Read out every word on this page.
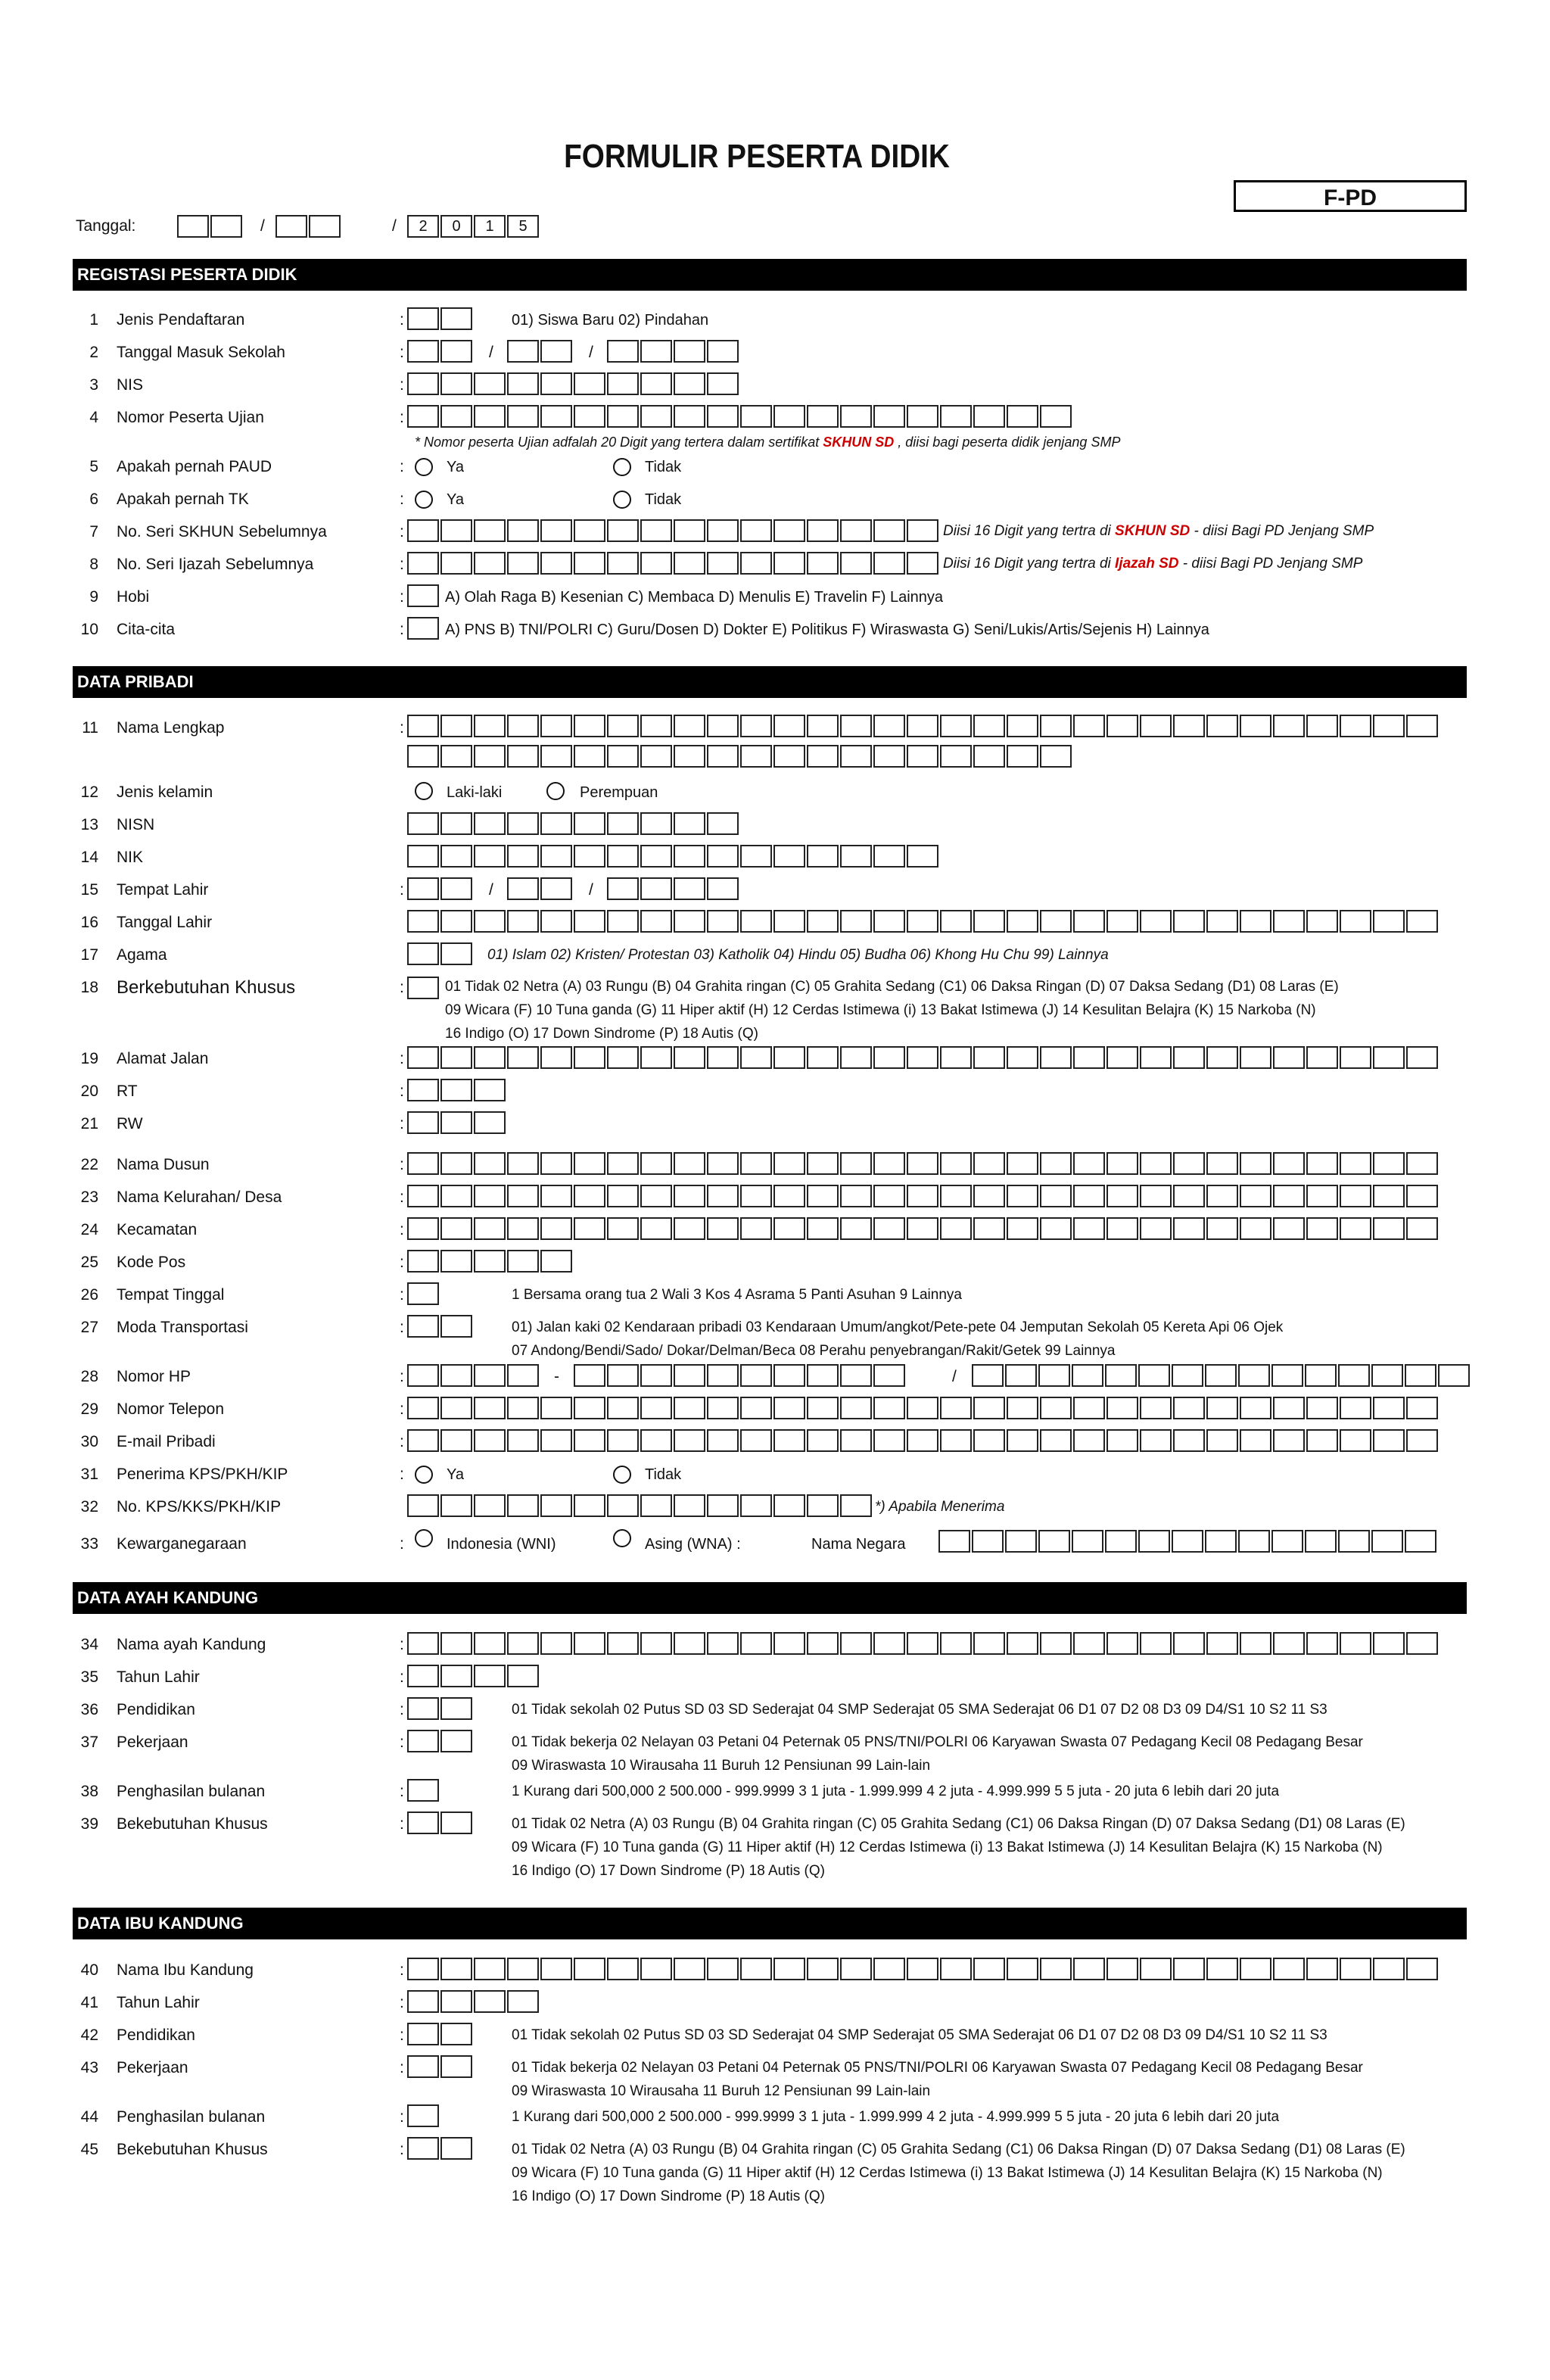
FORMULIR PESERTA DIDIK
F-PD
Tanggal:	/	/	2	0	1	5
REGISTASI PESERTA DIDIK
1 Jenis Pendaftaran	:	01) Siswa Baru 02) Pindahan
2 Tanggal Masuk Sekolah	:	/	/
3 NIS	:
4 Nomor Peserta Ujian	:
* Nomor peserta Ujian adfalah 20 Digit yang tertera dalam sertifikat SKHUN SD , diisi bagi peserta didik jenjang SMP
5 Apakah pernah PAUD	:	Ya	Tidak
6 Apakah pernah TK	:	Ya	Tidak
7 No. Seri SKHUN Sebelumnya	:	Diisi 16 Digit yang tertra di SKHUN SD - diisi Bagi PD Jenjang SMP
8 No. Seri Ijazah Sebelumnya	:	Diisi 16 Digit yang tertra di Ijazah SD - diisi Bagi PD Jenjang SMP
9 Hobi	:	A) Olah Raga B) Kesenian C) Membaca D) Menulis E) Travelin F) Lainnya
10 Cita-cita	:	A) PNS B) TNI/POLRI C) Guru/Dosen D) Dokter E) Politikus F) Wiraswasta G) Seni/Lukis/Artis/Sejenis H) Lainnya
DATA PRIBADI
11 Nama Lengkap	:
12 Jenis kelamin	Laki-laki	Perempuan
13 NISN
14 NIK
15 Tempat Lahir	:	/	/
16 Tanggal Lahir
17 Agama	01) Islam 02) Kristen/ Protestan 03) Katholik 04) Hindu 05) Budha 06) Khong Hu Chu 99) Lainnya
18 Berkebutuhan Khusus	:	01 Tidak 02 Netra (A) 03 Rungu (B) 04 Grahita ringan (C) 05 Grahita Sedang (C1) 06 Daksa Ringan (D) 07 Daksa Sedang (D1) 08 Laras (E)
09 Wicara (F) 10 Tuna ganda (G) 11 Hiper aktif (H) 12 Cerdas Istimewa (i) 13 Bakat Istimewa (J) 14 Kesulitan Belajra (K) 15 Narkoba (N)
16 Indigo (O) 17 Down Sindrome (P) 18 Autis (Q)
19 Alamat Jalan	:
20 RT	:
21 RW	:
22 Nama Dusun	:
23 Nama Kelurahan/ Desa	:
24 Kecamatan	:
25 Kode Pos	:
26 Tempat Tinggal	:	1 Bersama orang tua 2 Wali 3 Kos 4 Asrama 5 Panti Asuhan 9 Lainnya
27 Moda Transportasi	:	01) Jalan kaki 02 Kendaraan pribadi 03 Kendaraan Umum/angkot/Pete-pete 04 Jemputan Sekolah 05 Kereta Api 06 Ojek
07 Andong/Bendi/Sado/ Dokar/Delman/Beca 08 Perahu penyebrangan/Rakit/Getek 99 Lainnya
28 Nomor HP	:	-	/
29 Nomor Telepon	:
30 E-mail Pribadi	:
31 Penerima KPS/PKH/KIP	:	Ya	Tidak
32 No. KPS/KKS/PKH/KIP	*) Apabila Menerima
33 Kewarganegaraan	:	Indonesia (WNI)	Asing (WNA) :	Nama Negara
DATA AYAH KANDUNG
34 Nama ayah Kandung	:
35 Tahun Lahir	:
36 Pendidikan	:	01 Tidak sekolah 02 Putus SD 03 SD Sederajat 04 SMP Sederajat 05 SMA Sederajat 06 D1 07 D2 08 D3 09 D4/S1 10 S2 11 S3
37 Pekerjaan	:	01 Tidak bekerja 02 Nelayan 03 Petani 04 Peternak 05 PNS/TNI/POLRI 06 Karyawan Swasta 07 Pedagang Kecil 08 Pedagang Besar
09 Wiraswasta 10 Wirausaha 11 Buruh 12 Pensiunan 99 Lain-lain
38 Penghasilan bulanan	:	1 Kurang dari 500,000 2 500.000 - 999.9999 3 1 juta - 1.999.999 4 2 juta - 4.999.999 5 5 juta - 20 juta 6 lebih dari 20 juta
39 Bekebutuhan Khusus	:	01 Tidak 02 Netra (A) 03 Rungu (B) 04 Grahita ringan (C) 05 Grahita Sedang (C1) 06 Daksa Ringan (D) 07 Daksa Sedang (D1) 08 Laras (E)
09 Wicara (F) 10 Tuna ganda (G) 11 Hiper aktif (H) 12 Cerdas Istimewa (i) 13 Bakat Istimewa (J) 14 Kesulitan Belajra (K) 15 Narkoba (N)
16 Indigo (O) 17 Down Sindrome (P) 18 Autis (Q)
DATA IBU KANDUNG
40 Nama Ibu Kandung	:
41 Tahun Lahir	:
42 Pendidikan	:	01 Tidak sekolah 02 Putus SD 03 SD Sederajat 04 SMP Sederajat 05 SMA Sederajat 06 D1 07 D2 08 D3 09 D4/S1 10 S2 11 S3
43 Pekerjaan	:	01 Tidak bekerja 02 Nelayan 03 Petani 04 Peternak 05 PNS/TNI/POLRI 06 Karyawan Swasta 07 Pedagang Kecil 08 Pedagang Besar
09 Wiraswasta 10 Wirausaha 11 Buruh 12 Pensiunan 99 Lain-lain
44 Penghasilan bulanan	:	1 Kurang dari 500,000 2 500.000 - 999.9999 3 1 juta - 1.999.999 4 2 juta - 4.999.999 5 5 juta - 20 juta 6 lebih dari 20 juta
45 Bekebutuhan Khusus	:	01 Tidak 02 Netra (A) 03 Rungu (B) 04 Grahita ringan (C) 05 Grahita Sedang (C1) 06 Daksa Ringan (D) 07 Daksa Sedang (D1) 08 Laras (E)
09 Wicara (F) 10 Tuna ganda (G) 11 Hiper aktif (H) 12 Cerdas Istimewa (i) 13 Bakat Istimewa (J) 14 Kesulitan Belajra (K) 15 Narkoba (N)
16 Indigo (O) 17 Down Sindrome (P) 18 Autis (Q)
